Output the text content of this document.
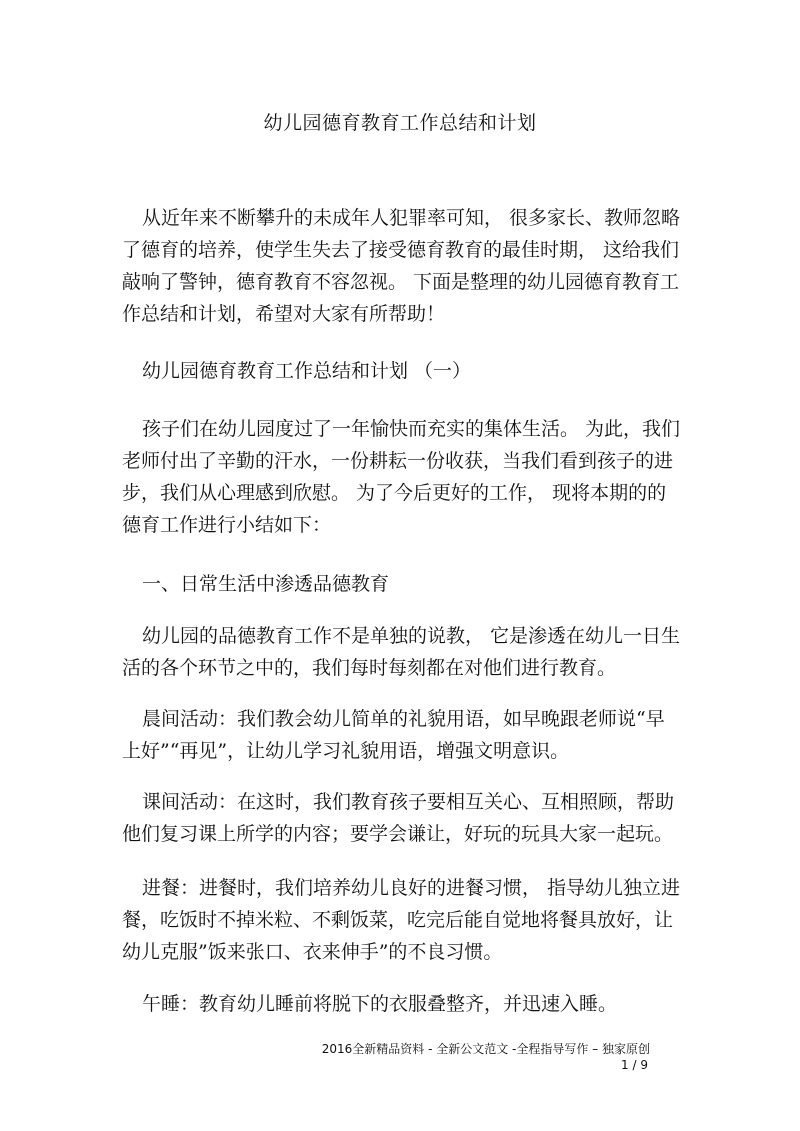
幼儿园德育教育工作总结和计划

从近年来不断攀升的未成年人犯罪率可知， 很多家长、教师忽略了德育的培养，使学生失去了接受德育教育的最佳时期， 这给我们敲响了警钟，德育教育不容忽视。 下面是整理的幼儿园德育教育工作总结和计划，希望对大家有所帮助！

幼儿园德育教育工作总结和计划 （一）

孩子们在幼儿园度过了一年愉快而充实的集体生活。 为此，我们老师付出了辛勤的汗水，一份耕耘一份收获，当我们看到孩子的进步，我们从心理感到欣慰。 为了今后更好的工作， 现将本期的的德育工作进行小结如下：

一、日常生活中渗透品德教育

幼儿园的品德教育工作不是单独的说教， 它是渗透在幼儿一日生活的各个环节之中的，我们每时每刻都在对他们进行教育。

晨间活动：我们教会幼儿简单的礼貌用语，如早晚跟老师说“早上好”“再见”，让幼儿学习礼貌用语，增强文明意识。

课间活动：在这时，我们教育孩子要相互关心、互相照顾，帮助他们复习课上所学的内容；要学会谦让，好玩的玩具大家一起玩。

进餐：进餐时，我们培养幼儿良好的进餐习惯， 指导幼儿独立进餐，吃饭时不掉米粒、不剩饭菜，吃完后能自觉地将餐具放好，让幼儿克服”饭来张口、衣来伸手”的不良习惯。

午睡：教育幼儿睡前将脱下的衣服叠整齐，并迅速入睡。

2016全新精品资料 - 全新公文范文 -全程指导写作 – 独家原创
1 / 9
